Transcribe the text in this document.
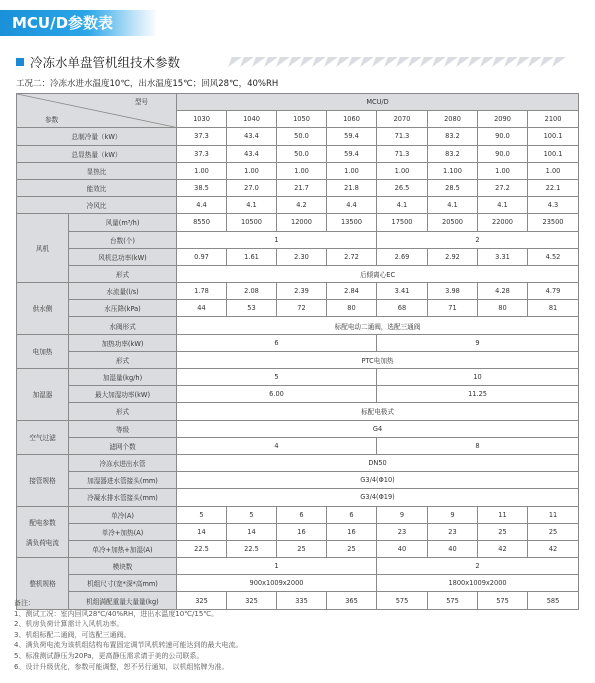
MCU/D参数表
冷冻水单盘管机组技术参数
工况二：冷冻水进水温度10℃，出水温度15℃；回风28℃，40%RH
型号
参数		MCU/D							
		1030	1040	1050	1060	2070	2080	2090	2100
总制冷量（kW）		37.3	43.4	50.0	59.4	71.3	83.2	90.0	100.1
总显热量（kW）		37.3	43.4	50.0	59.4	71.3	83.2	90.0	100.1
显热比		1.00	1.00	1.00	1.00	1.00	1.100	1.00	1.00
能效比		38.5	27.0	21.7	21.8	26.5	28.5	27.2	22.1
冷风比		4.4	4.1	4.2	4.4	4.1	4.1	4.1	4.3
风机	风量(m³/h)	8550	10500	12000	13500	17500	20500	22000	23500
	台数(个)	1				2			
	风机总功率(kW)	0.97	1.61	2.30	2.72	2.69	2.92	3.31	4.52
	形式	后倾离心EC							
供水侧	水流量(l/s)	1.78	2.08	2.39	2.84	3.41	3.98	4.28	4.79
	水压降(kPa)	44	53	72	80	68	71	80	81
	水阀形式	标配电动二通阀，选配三通阀							
电加热	加热功率(kW)	6				9			
	形式	PTC电加热							
加湿器	加湿量(kg/h)	5				10			
	最大加湿功率(kW)	6.00				11.25			
	形式	标配电极式							
空气过滤	等级	G4							
	滤网个数	4				8			
接管规格	冷冻水进出水管	DN50							
	加湿器进水管接头(mm)	G3/4(Φ10)							
	冷凝水排水管接头(mm)	G3/4(Φ19)							

配电参数
满负荷电流	单冷(A)	5	5	6	6	9	9	11	11
	单冷+加热(A)	14	14	16	16	23	23	25	25
	单冷+加热+加湿(A)	22.5	22.5	25	25	40	40	42	42
整机规格	模块数	1				2			
	机组尺寸(宽*深*高mm)	900x1009x2000				1800x1009x2000			
	机组满配重量大量量(kg)	325	325	335	365	575	575	575	585
备注：
1、测试工况：室内回风28℃/40%RH，进出水温度10℃/15℃。
2、机房负荷计算需计入风机功率。
3、机组标配二通阀，可选配三通阀。
4、满负荷电流为该机组结构布置固定调节风机转速可能达到的最大电流。
5、标准测试静压为20Pa，更高静压需求请于美的公司联系。
6、设计升级优化，参数可能调整，恕不另行通知，以机组铭牌为准。
